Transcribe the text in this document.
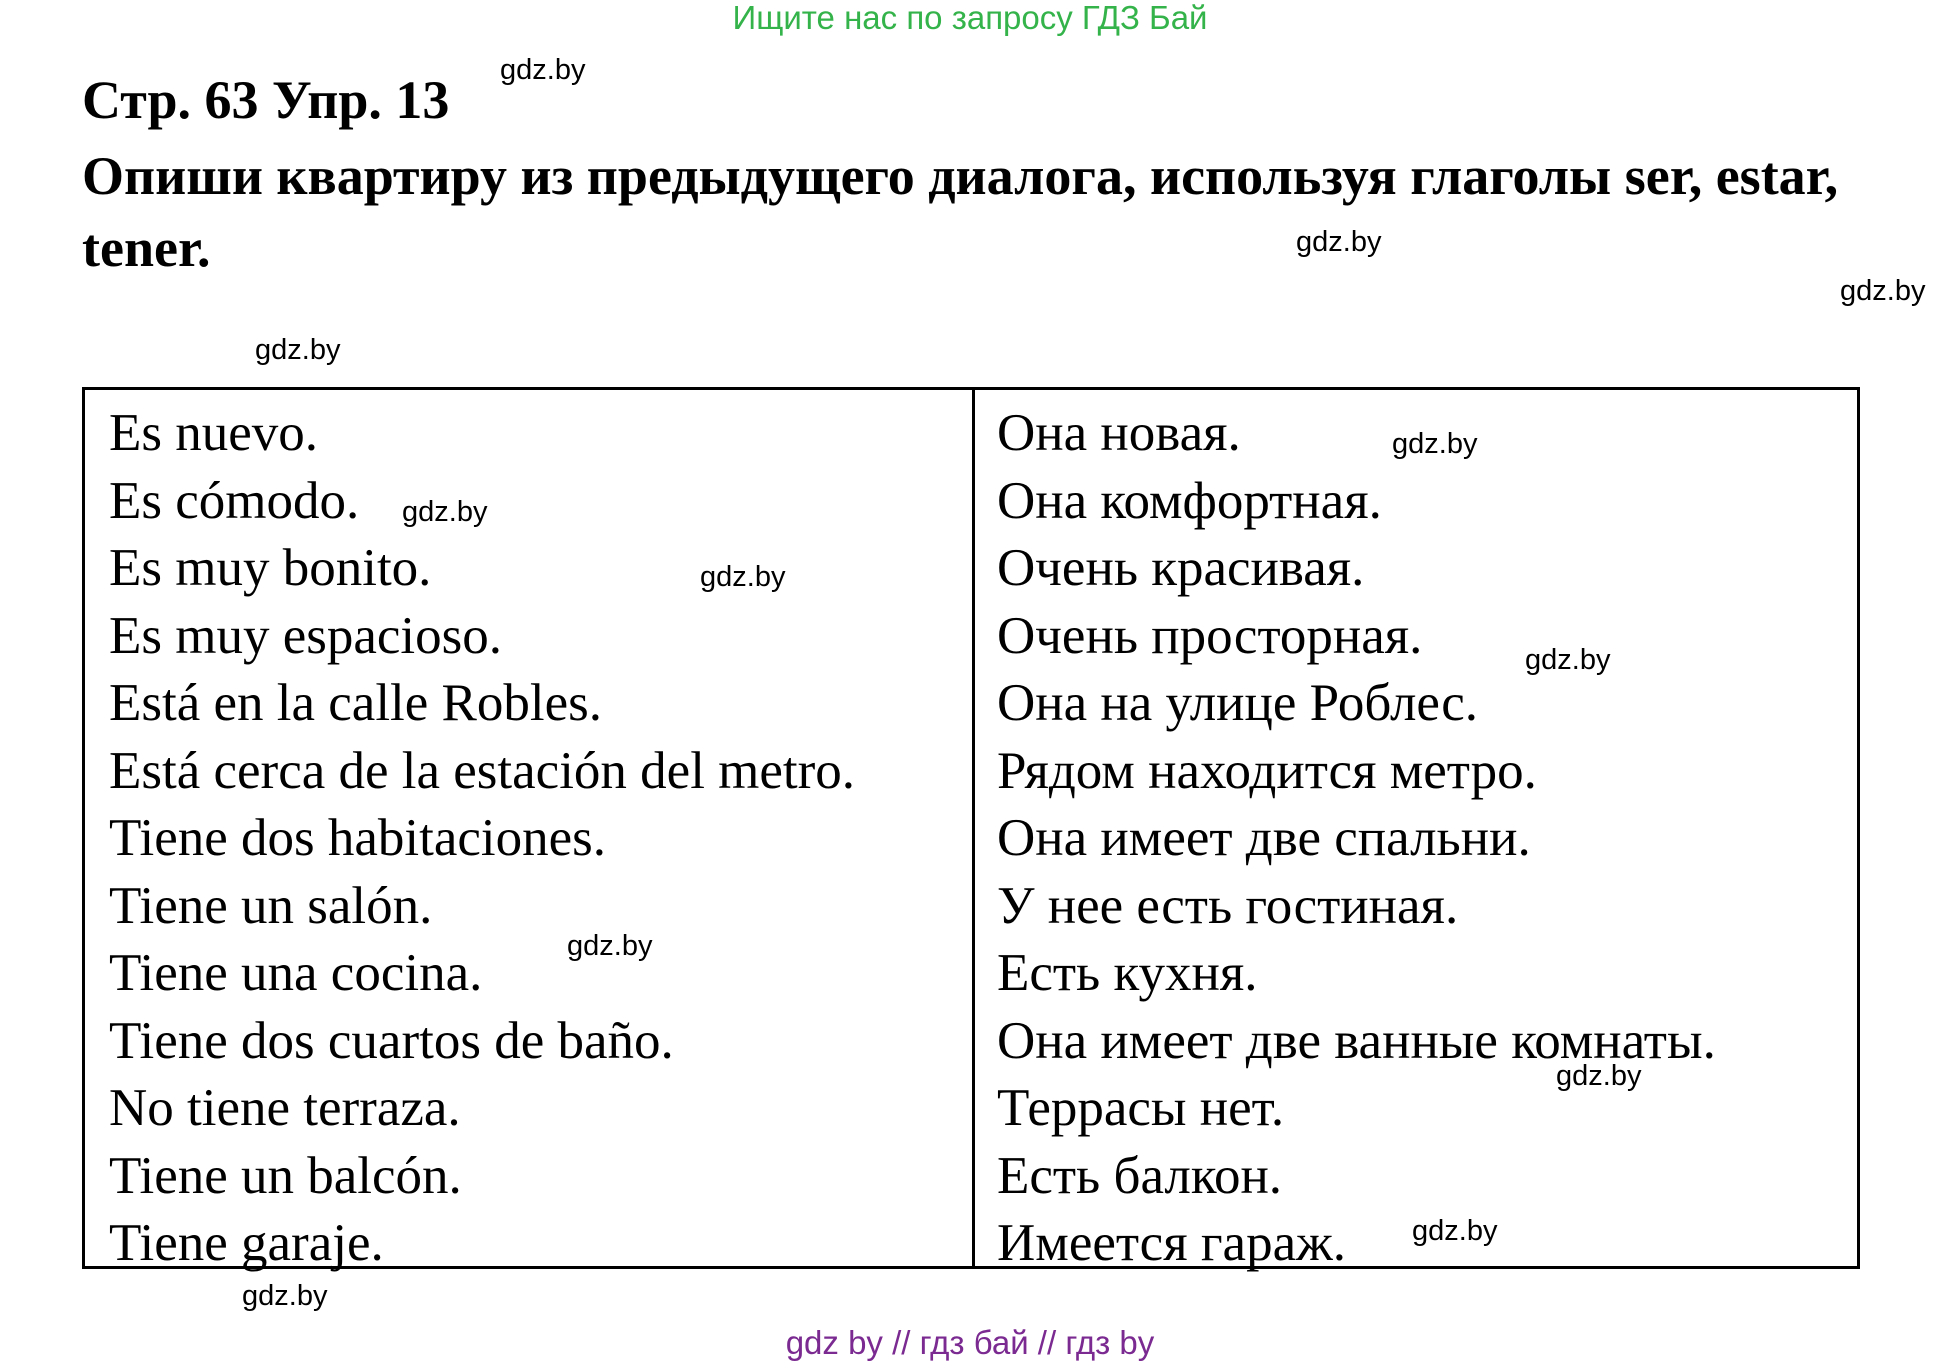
Ищите нас по запросу ГДЗ Бай
Стр. 63 Упр. 13

Опиши квартиру из предыдущего диалога, используя глаголы ser, estar, tener.

Es nuevo.
Es cómodo.
Es muy bonito.
Es muy espacioso.
Está en la calle Robles.
Está cerca de la estación del metro.
Tiene dos habitaciones.
Tiene un salón.
Tiene una cocina.
Tiene dos cuartos de baño.
No tiene terraza.
Tiene un balcón.
Tiene garaje.
Она новая.
Она комфортная.
Очень красивая.
Очень просторная.
Она на улице Роблес.
Рядом находится метро.
Она имеет две спальни.
У нее есть гостиная.
Есть кухня.
Она имеет две ванные комнаты.
Террасы нет.
Есть балкон.
Имеется гараж.
gdz.by
gdz.by
gdz.by
gdz.by
gdz.by
gdz.by
gdz.by
gdz.by
gdz.by
gdz.by
gdz.by
gdz.by
gdz by // гдз бай // гдз by
